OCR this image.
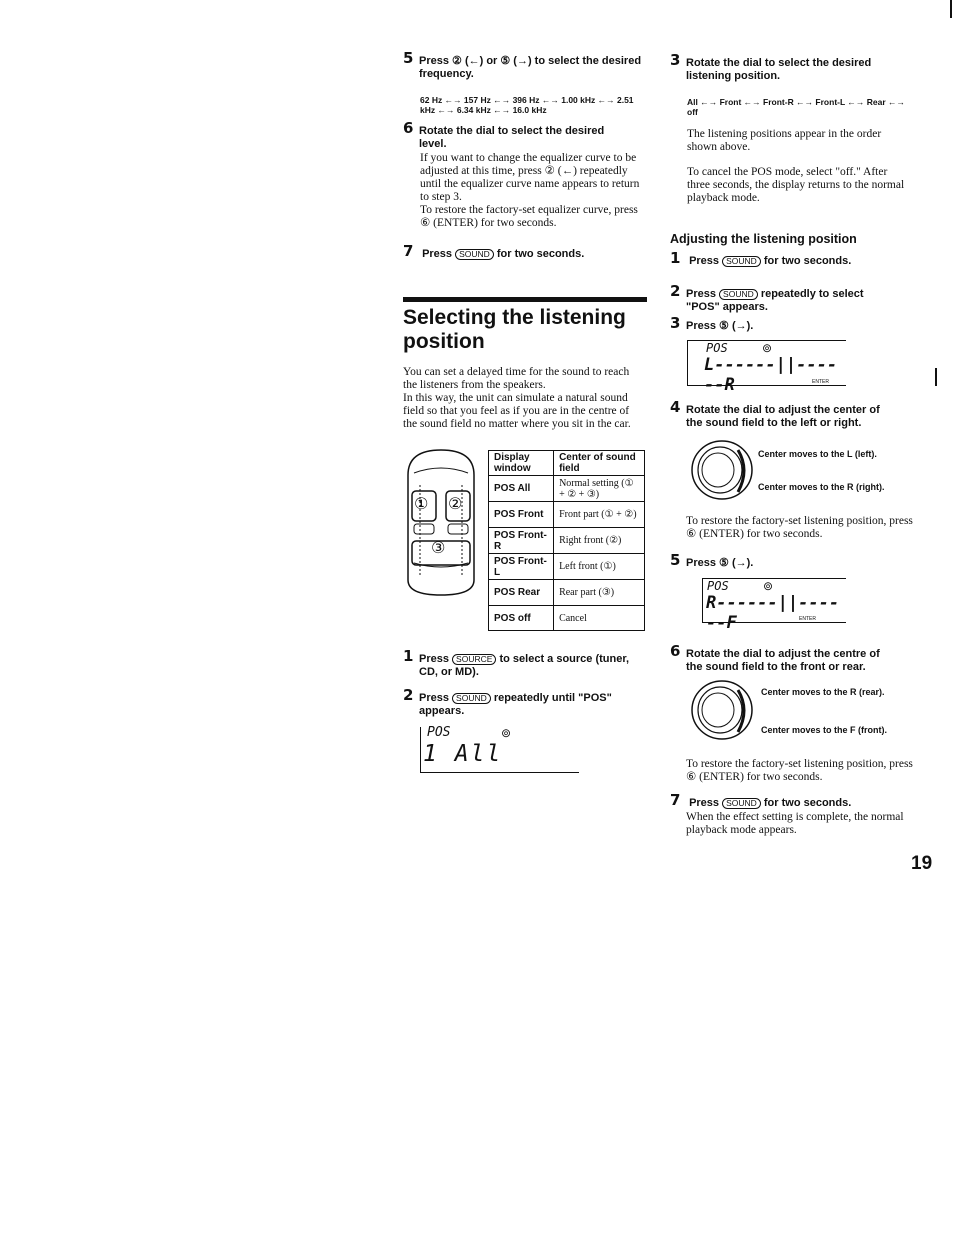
5 Press ② (←) or ⑤ (→) to select the desired frequency.
62 Hz ←→ 157 Hz ←→ 396 Hz ←→ 1.00 kHz ←→ 2.51 kHz ←→ 6.34 kHz ←→ 16.0 kHz
6 Rotate the dial to select the desired level.
If you want to change the equalizer curve to be adjusted at this time, press ② (←) repeatedly until the equalizer curve name appears to return to step 3.
To restore the factory-set equalizer curve, press ⑥ (ENTER) for two seconds.
7 Press SOUND for two seconds.
Selecting the listening
position
You can set a delayed time for the sound to reach the listeners from the speakers.
In this way, the unit can simulate a natural sound field so that you feel as if you are in the centre of the sound field no matter where you sit in the car.
① ②
③
Display window	Center of sound field
POS All	Normal setting (① + ② + ③)
POS Front	Front part (① + ②)
POS Front-R	Right front (②)
POS Front-L	Left front (①)
POS Rear	Rear part (③)
POS off	Cancel
1 Press SOURCE to select a source (tuner, CD, or MD).
2 Press SOUND repeatedly until "POS" appears.
POS	⊚
1 All
3 Rotate the dial to select the desired listening position.
All ←→ Front ←→ Front-R ←→ Front-L ←→ Rear ←→ off
The listening positions appear in the order shown above.
To cancel the POS mode, select "off." After three seconds, the display returns to the normal playback mode.
Adjusting the listening position
1 Press SOUND for two seconds.
2 Press SOUND repeatedly to select "POS" appears.
3 Press ⑤ (→).
POS	⊚
L------||------R	ENTER
4 Rotate the dial to adjust the center of the sound field to the left or right.
Center moves to the L (left).
Center moves to the R (right).
To restore the factory-set listening position, press ⑥ (ENTER) for two seconds.
5 Press ⑤ (→).
POS	⊚
R------||------F	ENTER
6 Rotate the dial to adjust the centre of the sound field to the front or rear.
Center moves to the R (rear).
Center moves to the F (front).
To restore the factory-set listening position, press ⑥ (ENTER) for two seconds.
7 Press SOUND for two seconds.
When the effect setting is complete, the normal playback mode appears.
19
